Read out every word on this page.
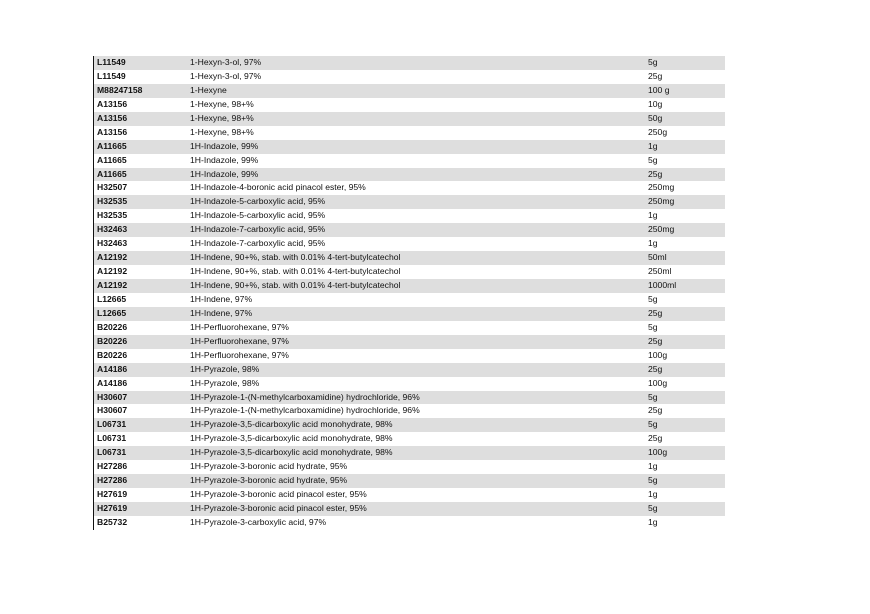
L11549	1-Hexyn-3-ol, 97%	5g
L11549	1-Hexyn-3-ol, 97%	25g
M88247158	1-Hexyne	100 g
A13156	1-Hexyne, 98+%	10g
A13156	1-Hexyne, 98+%	50g
A13156	1-Hexyne, 98+%	250g
A11665	1H-Indazole, 99%	1g
A11665	1H-Indazole, 99%	5g
A11665	1H-Indazole, 99%	25g
H32507	1H-Indazole-4-boronic acid pinacol ester, 95%	250mg
H32535	1H-Indazole-5-carboxylic acid, 95%	250mg
H32535	1H-Indazole-5-carboxylic acid, 95%	1g
H32463	1H-Indazole-7-carboxylic acid, 95%	250mg
H32463	1H-Indazole-7-carboxylic acid, 95%	1g
A12192	1H-Indene, 90+%, stab. with 0.01% 4-tert-butylcatechol	50ml
A12192	1H-Indene, 90+%, stab. with 0.01% 4-tert-butylcatechol	250ml
A12192	1H-Indene, 90+%, stab. with 0.01% 4-tert-butylcatechol	1000ml
L12665	1H-Indene, 97%	5g
L12665	1H-Indene, 97%	25g
B20226	1H-Perfluorohexane, 97%	5g
B20226	1H-Perfluorohexane, 97%	25g
B20226	1H-Perfluorohexane, 97%	100g
A14186	1H-Pyrazole, 98%	25g
A14186	1H-Pyrazole, 98%	100g
H30607	1H-Pyrazole-1-(N-methylcarboxamidine) hydrochloride, 96%	5g
H30607	1H-Pyrazole-1-(N-methylcarboxamidine) hydrochloride, 96%	25g
L06731	1H-Pyrazole-3,5-dicarboxylic acid monohydrate, 98%	5g
L06731	1H-Pyrazole-3,5-dicarboxylic acid monohydrate, 98%	25g
L06731	1H-Pyrazole-3,5-dicarboxylic acid monohydrate, 98%	100g
H27286	1H-Pyrazole-3-boronic acid hydrate, 95%	1g
H27286	1H-Pyrazole-3-boronic acid hydrate, 95%	5g
H27619	1H-Pyrazole-3-boronic acid pinacol ester, 95%	1g
H27619	1H-Pyrazole-3-boronic acid pinacol ester, 95%	5g
B25732	1H-Pyrazole-3-carboxylic acid, 97%	1g
